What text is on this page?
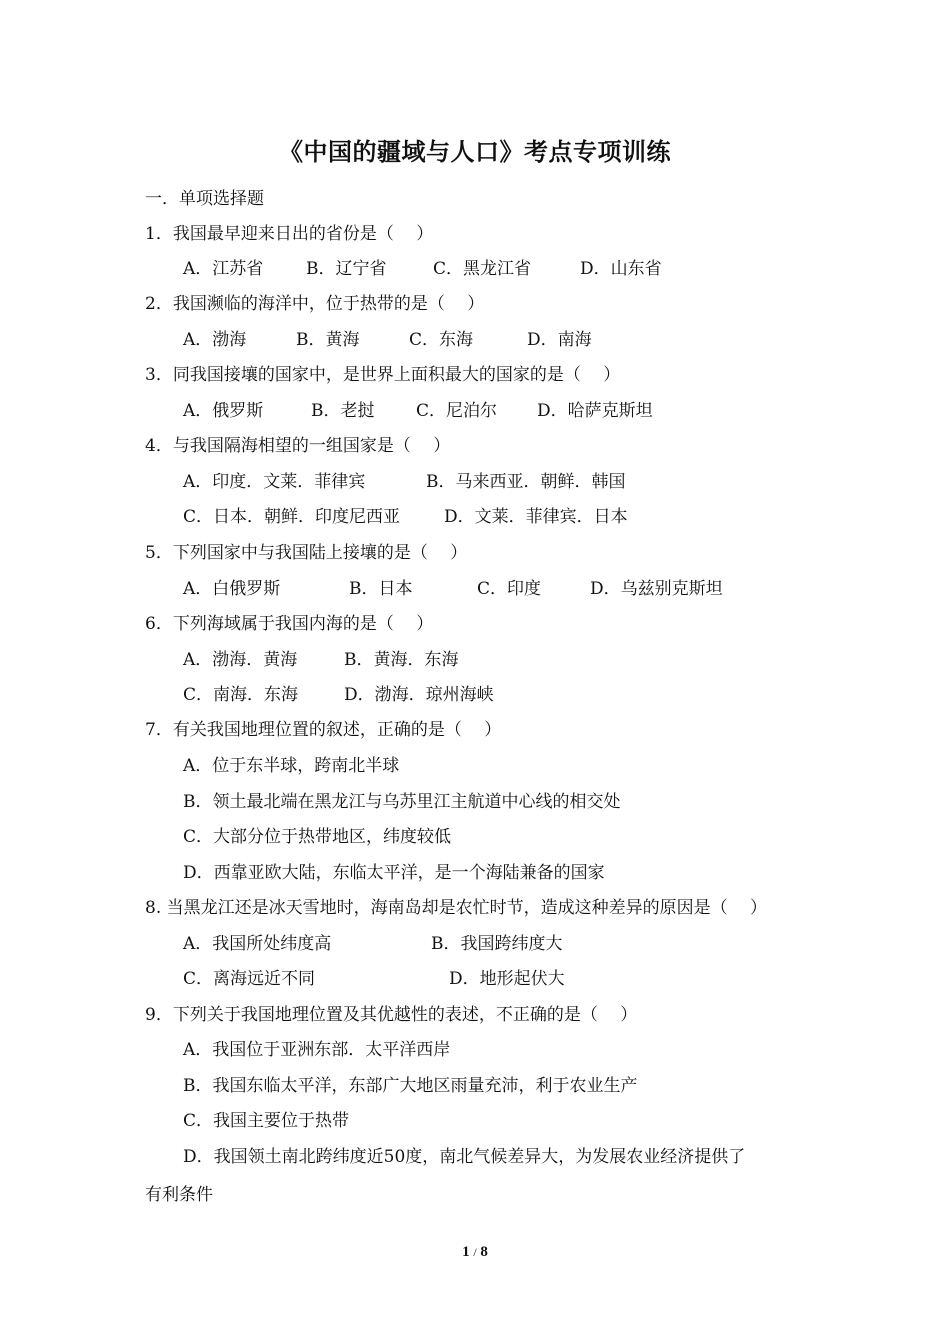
《中国的疆域与人口》考点专项训练
一．单项选择题
1．我国最早迎来日出的省份是（　 ）
A．江苏省	B．辽宁省	C．黑龙江省	D．山东省
2．我国濒临的海洋中，位于热带的是（　 ）
A．渤海	B．黄海	C．东海	D．南海
3．同我国接壤的国家中，是世界上面积最大的国家的是（　 ）
A．俄罗斯	B．老挝 C．尼泊尔 D．哈萨克斯坦
4．与我国隔海相望的一组国家是（　 ）
A．印度．文莱．菲律宾	B．马来西亚．朝鲜．韩国
C．日本．朝鲜．印度尼西亚	D．文莱．菲律宾．日本
5．下列国家中与我国陆上接壤的是（　 ）
A．白俄罗斯	B．日本	C．印度	D．乌兹别克斯坦
6．下列海域属于我国内海的是（　 ）
A．渤海．黄海	B．黄海．东海
C．南海．东海	D．渤海．琼州海峡
7．有关我国地理位置的叙述，正确的是（　 ）
A．位于东半球，跨南北半球
B．领土最北端在黑龙江与乌苏里江主航道中心线的相交处
C．大部分位于热带地区，纬度较低
D．西靠亚欧大陆，东临太平洋，是一个海陆兼备的国家
8. 当黑龙江还是冰天雪地时，海南岛却是农忙时节，造成这种差异的原因是（　 ）
A．我国所处纬度高	B．我国跨纬度大
C．离海远近不同	D．地形起伏大
9．下列关于我国地理位置及其优越性的表述，不正确的是（　 ）
A．我国位于亚洲东部．太平洋西岸
B．我国东临太平洋，东部广大地区雨量充沛，利于农业生产
C．我国主要位于热带
D．我国领土南北跨纬度近50度，南北气候差异大，为发展农业经济提供了
有利条件
1 / 8
